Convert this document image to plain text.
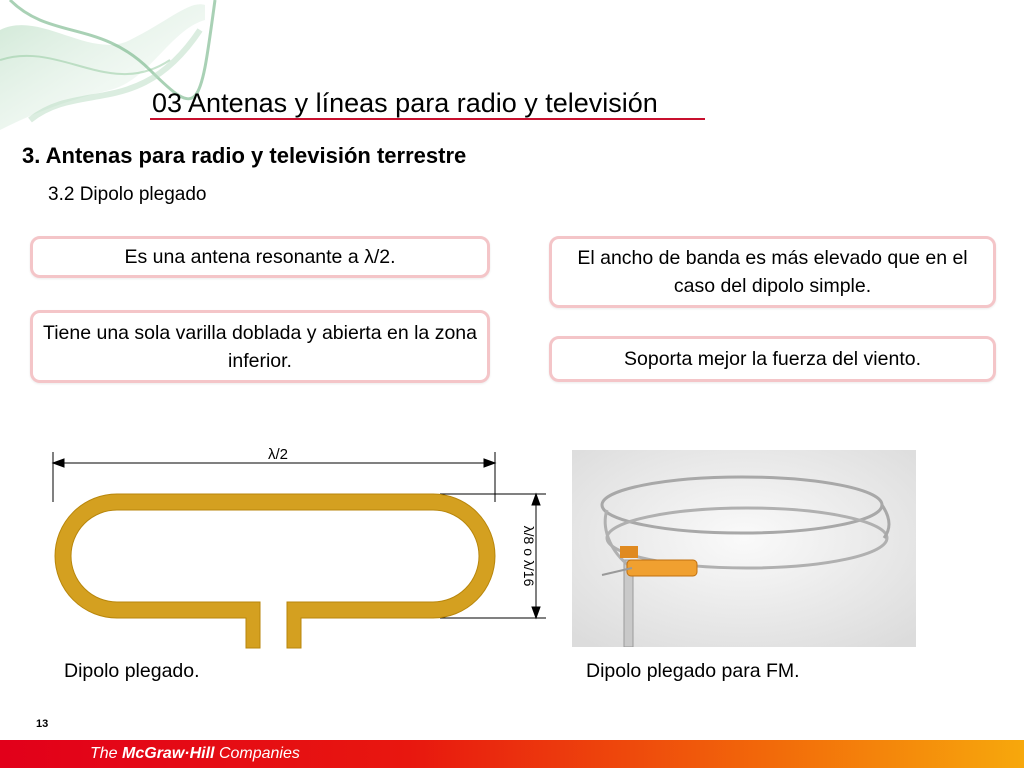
03 Antenas y líneas para radio y televisión
3. Antenas para radio y televisión terrestre
3.2 Dipolo plegado
Es una antena resonante a λ/2.
Tiene una sola varilla doblada y abierta en la zona inferior.
El ancho de banda es más elevado que en el caso del dipolo simple.
Soporta mejor la fuerza del viento.
λ/2
λ/8 o λ/16
Dipolo plegado.	Dipolo plegado para FM.
13
The McGraw·Hill Companies
